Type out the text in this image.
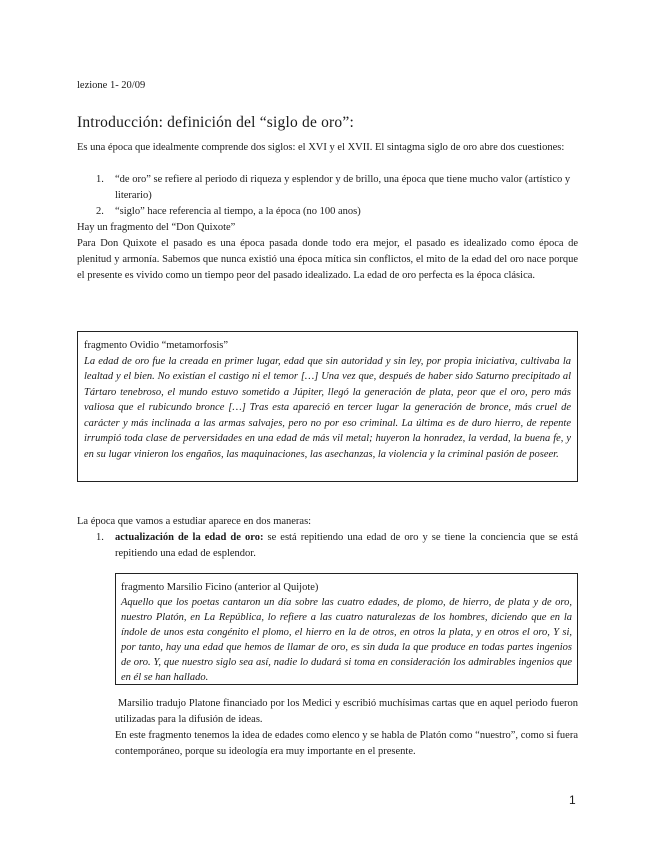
lezione 1- 20/09
Introducción: definición del “siglo de oro”:
Es una época que idealmente comprende dos siglos: el XVI y el XVII. El sintagma siglo de oro abre dos cuestiones:
1. “de oro” se refiere al periodo di riqueza y esplendor y de brillo, una época que tiene mucho valor (artístico y literario)
2. “siglo” hace referencia al tiempo, a la época (no 100 anos)
Hay un fragmento del “Don Quixote”
Para Don Quixote el pasado es una época pasada donde todo era mejor, el pasado es idealizado como época de plenitud y armonía. Sabemos que nunca existió una época mítica sin conflictos, el mito de la edad del oro nace porque el presente es vivido como un tiempo peor del pasado idealizado. La edad de oro perfecta es la época clásica.
fragmento Ovidio “metamorfosis”
La edad de oro fue la creada en primer lugar, edad que sin autoridad y sin ley, por propia iniciativa, cultivaba la lealtad y el bien. No existían el castigo ni el temor […] Una vez que, después de haber sido Saturno precipitado al Tártaro tenebroso, el mundo estuvo sometido a Júpiter, llegó la generación de plata, peor que el oro, pero más valiosa que el rubicundo bronce […] Tras esta apareció en tercer lugar la generación de bronce, más cruel de carácter y más inclinada a las armas salvajes, pero no por eso criminal. La última es de duro hierro, de repente irrumpió toda clase de perversidades en una edad de más vil metal; huyeron la honradez, la verdad, la buena fe, y en su lugar vinieron los engaños, las maquinaciones, las asechanzas, la violencia y la criminal pasión de poseer.
La época que vamos a estudiar aparece en dos maneras:
1. actualización de la edad de oro: se está repitiendo una edad de oro y se tiene la conciencia que se está repitiendo una edad de esplendor.
fragmento Marsilio Ficino (anterior al Quijote)
Aquello que los poetas cantaron un día sobre las cuatro edades, de plomo, de hierro, de plata y de oro, nuestro Platón, en La República, lo refiere a las cuatro naturalezas de los hombres, diciendo que en la índole de unos esta congénito el plomo, el hierro en la de otros, en otros la plata, y en otros el oro, Y si, por tanto, hay una edad que hemos de llamar de oro, es sin duda la que produce en todas partes ingenios de oro. Y, que nuestro siglo sea así, nadie lo dudará si toma en consideración los admirables ingenios que en él se han hallado.
Marsilio tradujo Platone financiado por los Medici y escribió muchísimas cartas que en aquel periodo fueron utilizadas para la difusión de ideas.
En este fragmento tenemos la idea de edades como elenco y se habla de Platón como “nuestro”, como si fuera contemporáneo, porque su ideología era muy importante en el presente.
1
